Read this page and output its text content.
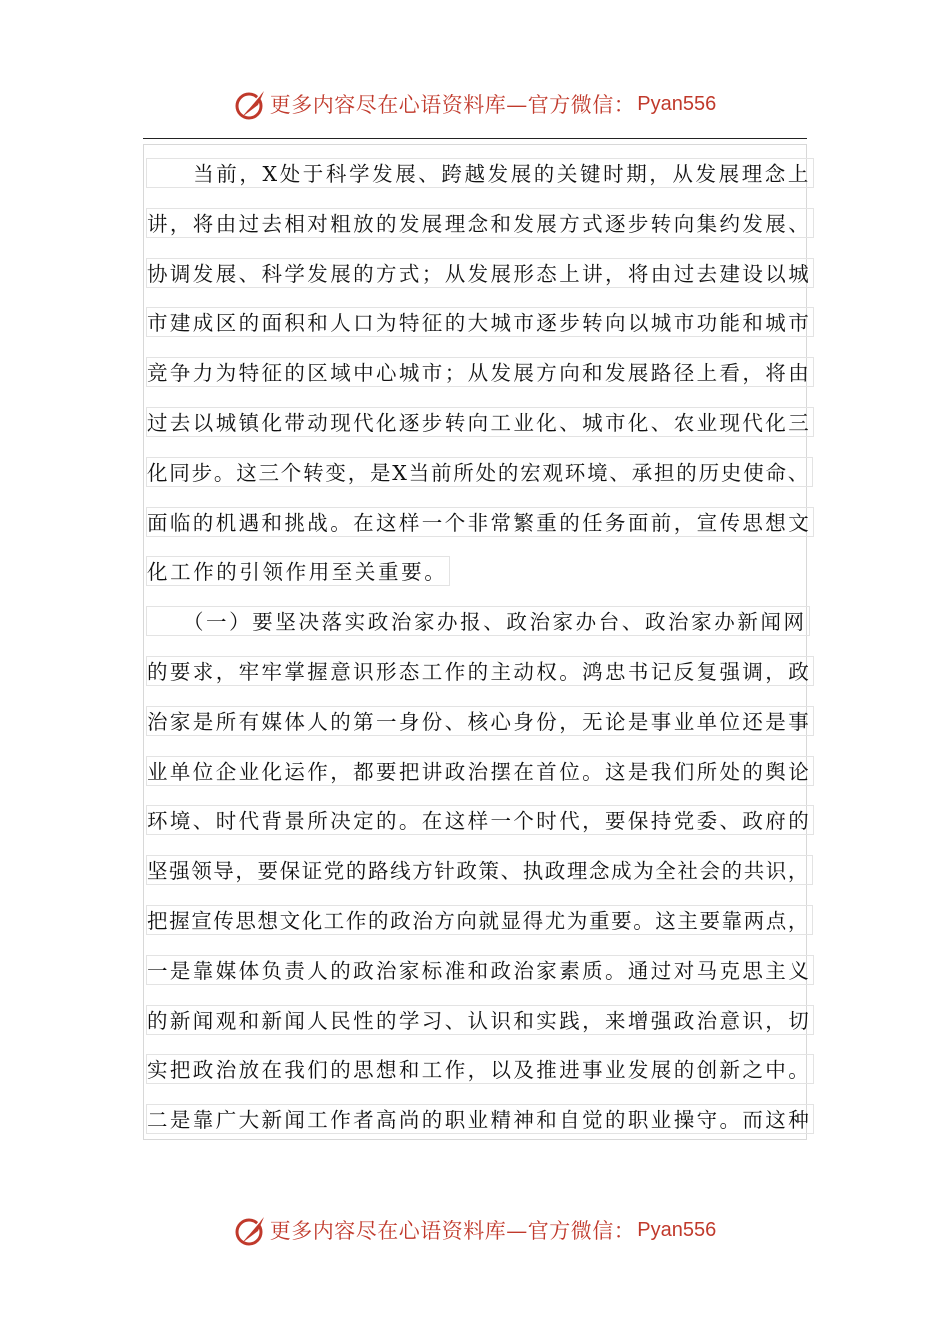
更多内容尽在心语资料库—官方微信： Pyan556
　　当前，X处于科学发展、跨越发展的关键时期，从发展理念上
讲，将由过去相对粗放的发展理念和发展方式逐步转向集约发展、
协调发展、科学发展的方式；从发展形态上讲，将由过去建设以城
市建成区的面积和人口为特征的大城市逐步转向以城市功能和城市
竞争力为特征的区域中心城市；从发展方向和发展路径上看，将由
过去以城镇化带动现代化逐步转向工业化、城市化、农业现代化三
化同步。这三个转变，是X当前所处的宏观环境、承担的历史使命、
面临的机遇和挑战。在这样一个非常繁重的任务面前，宣传思想文
化工作的引领作用至关重要。
　　（一）要坚决落实政治家办报、政治家办台、政治家办新闻网
的要求，牢牢掌握意识形态工作的主动权。鸿忠书记反复强调，政
治家是所有媒体人的第一身份、核心身份，无论是事业单位还是事
业单位企业化运作，都要把讲政治摆在首位。这是我们所处的舆论
环境、时代背景所决定的。在这样一个时代，要保持党委、政府的
坚强领导，要保证党的路线方针政策、执政理念成为全社会的共识，
把握宣传思想文化工作的政治方向就显得尤为重要。这主要靠两点，
一是靠媒体负责人的政治家标准和政治家素质。通过对马克思主义
的新闻观和新闻人民性的学习、认识和实践，来增强政治意识，切
实把政治放在我们的思想和工作，以及推进事业发展的创新之中。
二是靠广大新闻工作者高尚的职业精神和自觉的职业操守。而这种
更多内容尽在心语资料库—官方微信： Pyan556
